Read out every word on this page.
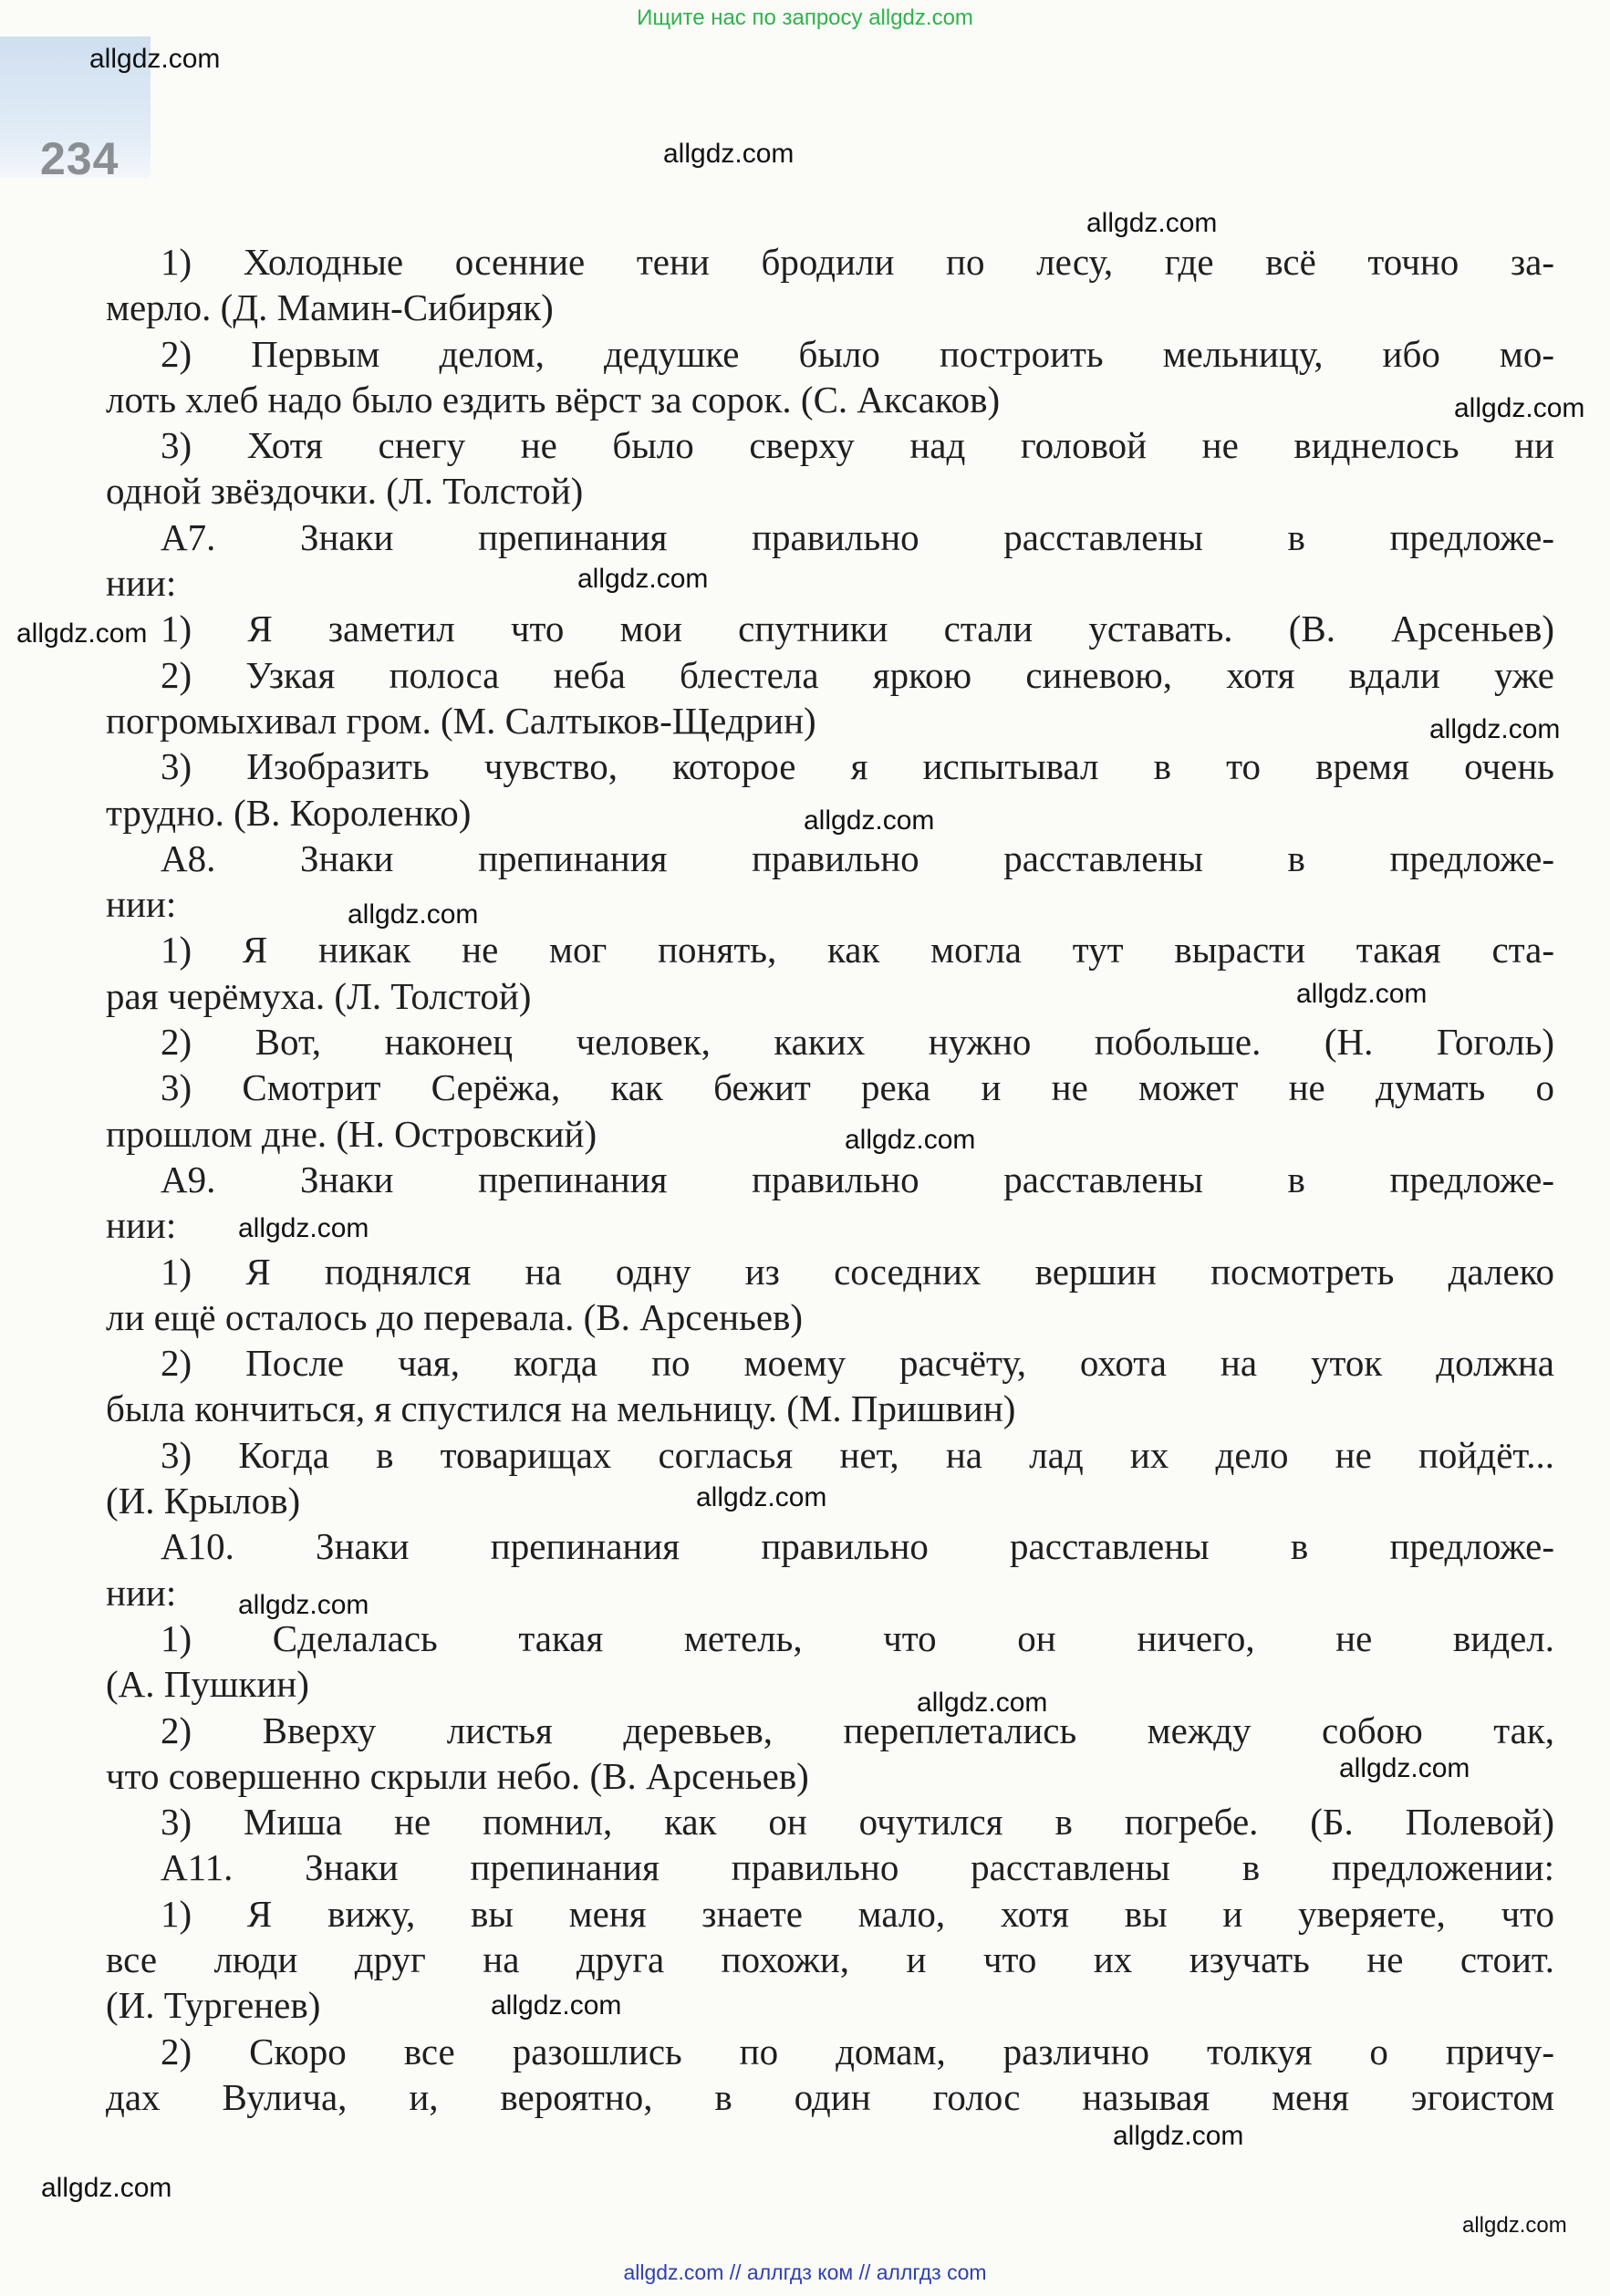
Ищите нас по запросу allgdz.com
234
allgdz.com
allgdz.com
allgdz.com
allgdz.com
allgdz.com
allgdz.com
allgdz.com
allgdz.com
allgdz.com
allgdz.com
allgdz.com
allgdz.com
allgdz.com
allgdz.com
allgdz.com
allgdz.com
allgdz.com
allgdz.com
allgdz.com
allgdz.com
1) Холодные осенние тени бродили по лесу, где всё точно за-
мерло. (Д. Мамин-Сибиряк)
2) Первым делом, дедушке было построить мельницу, ибо мо-
лоть хлеб надо было ездить вёрст за сорок. (С. Аксаков)
3) Хотя снегу не было сверху над головой не виднелось ни
одной звёздочки. (Л. Толстой)
А7. Знаки препинания правильно расставлены в предложе-
нии:
1) Я заметил что мои спутники стали уставать. (В. Арсеньев)
2) Узкая полоса неба блестела яркою синевою, хотя вдали уже
погромыхивал гром. (М. Салтыков-Щедрин)
3) Изобразить чувство, которое я испытывал в то время очень
трудно. (В. Короленко)
А8. Знаки препинания правильно расставлены в предложе-
нии:
1) Я никак не мог понять, как могла тут вырасти такая ста-
рая черёмуха. (Л. Толстой)
2) Вот, наконец человек, каких нужно побольше. (Н. Гоголь)
3) Смотрит Серёжа, как бежит река и не может не думать о
прошлом дне. (Н. Островский)
А9. Знаки препинания правильно расставлены в предложе-
нии:
1) Я поднялся на одну из соседних вершин посмотреть далеко
ли ещё осталось до перевала. (В. Арсеньев)
2) После чая, когда по моему расчёту, охота на уток должна
была кончиться, я спустился на мельницу. (М. Пришвин)
3) Когда в товарищах согласья нет, на лад их дело не пойдёт...
(И. Крылов)
А10. Знаки препинания правильно расставлены в предложе-
нии:
1) Сделалась такая метель, что он ничего, не видел.
(А. Пушкин)
2) Вверху листья деревьев, переплетались между собою так,
что совершенно скрыли небо. (В. Арсеньев)
3) Миша не помнил, как он очутился в погребе. (Б. Полевой)
А11. Знаки препинания правильно расставлены в предложении:
1) Я вижу, вы меня знаете мало, хотя вы и уверяете, что
все люди друг на друга похожи, и что их изучать не стоит.
(И. Тургенев)
2) Скоро все разошлись по домам, различно толкуя о причу-
дах Вулича, и, вероятно, в один голос называя меня эгоистом
allgdz.com // аллгдз ком // аллгдз com
